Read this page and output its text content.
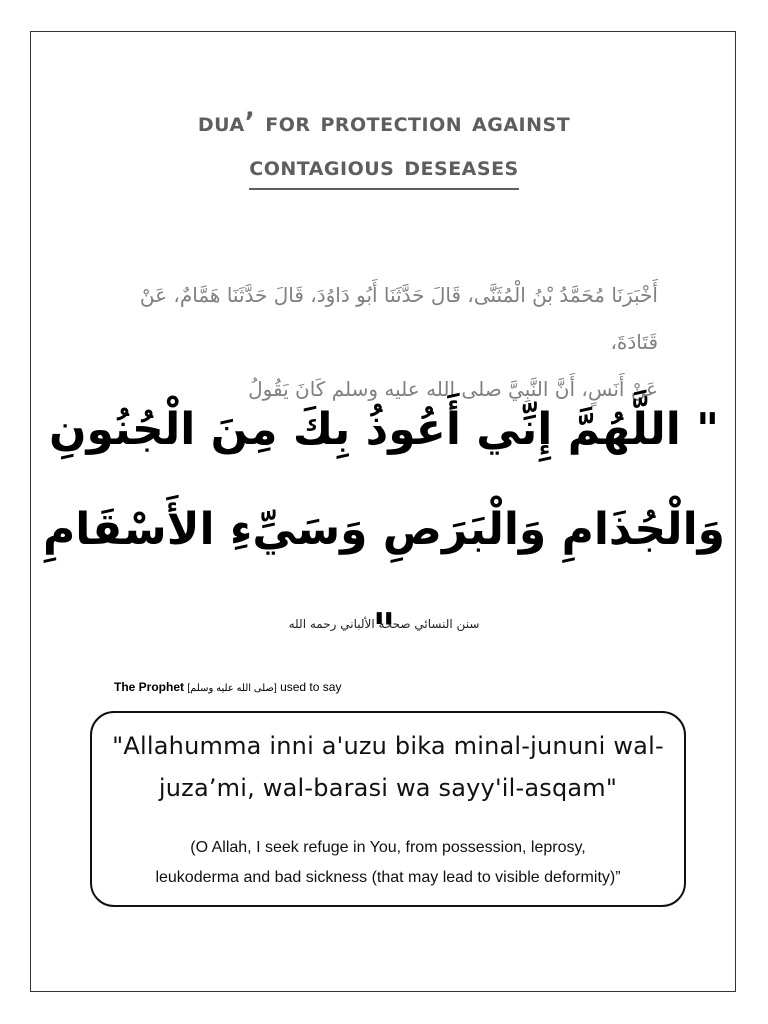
dua’ for protection against
contagious deseases
أَخْبَرَنَا مُحَمَّدُ بْنُ الْمُثَنَّى، قَالَ حَدَّثَنَا أَبُو دَاوُدَ، قَالَ حَدَّثَنَا هَمَّامٌ، عَنْ قَتَادَةَ،
عَنْ أَنَسٍ، أَنَّ النَّبِيَّ صلى الله عليه وسلم كَانَ يَقُولُ
" اللَّهُمَّ إِنِّي أَعُوذُ بِكَ مِنَ الْجُنُونِ
وَالْجُذَامِ وَالْبَرَصِ وَسَيِّءِ الأَسْقَامِ "
سنن النسائي صححه الألباني رحمه الله
The Prophet [صلى الله عليه وسلم] used to say
"Allahumma inni a'uzu bika minal-jununi wal-
juza’mi, wal-barasi wa sayy'il-asqam"
(O Allah, I seek refuge in You, from possession, leprosy,
leukoderma and bad sickness (that may lead to visible deformity)”
